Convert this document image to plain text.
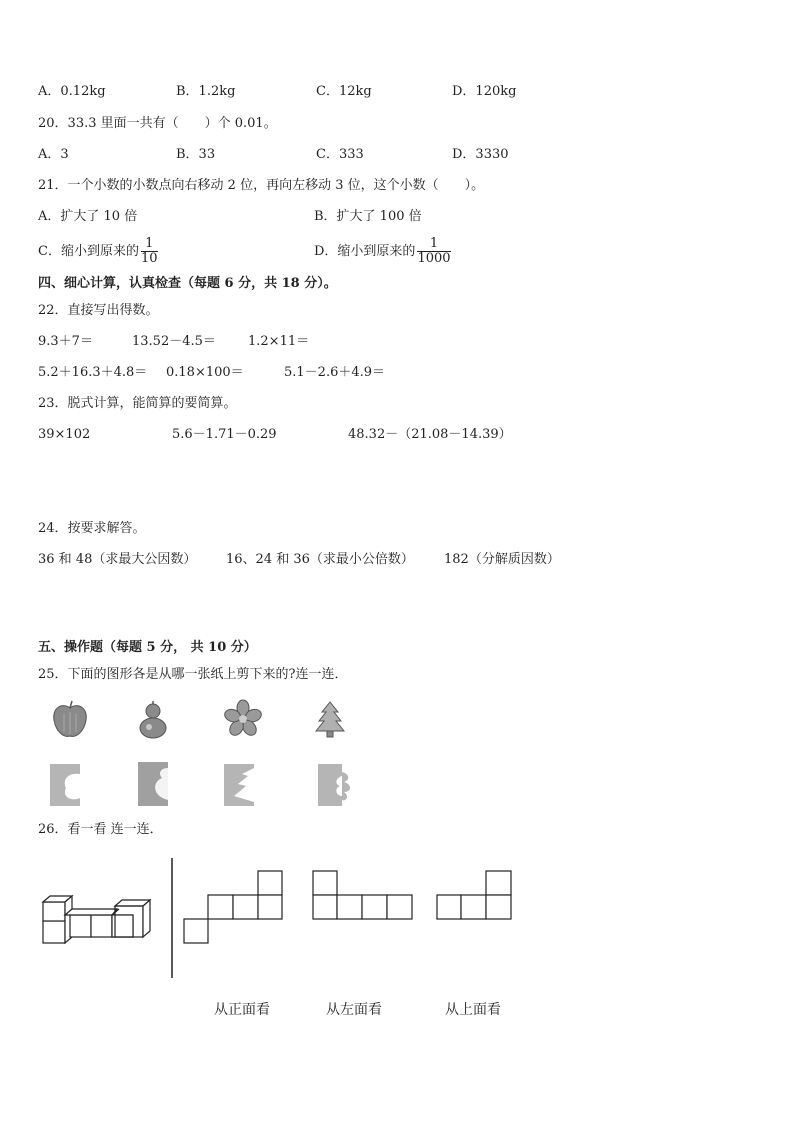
A．0.12kg	B．1.2kg	C．12kg	D．120kg
20．33.3 里面一共有（　　）个 0.01。
A．3	B．33	C．333	D．3330
21．一个小数的小数点向右移动 2 位，再向左移动 3 位，这个小数（　　）。
A．扩大了 10 倍	B．扩大了 100 倍
C．缩小到原来的 $\frac{1}{10}$	D．缩小到原来的 $\frac{1}{1000}$
四、细心计算，认真检查（每题 6 分，共 18 分）。
22．直接写出得数。
9.3＋7＝	13.52－4.5＝ 1.2×11＝
5.2＋16.3＋4.8＝ 0.18×100＝	5.1－2.6＋4.9＝
23．脱式计算，能简算的要简算。
39×102	5.6－1.71－0.29	48.32－（21.08－14.39）
24．按要求解答。
36 和 48（求最大公因数） 16、24 和 36（求最小公倍数） 182（分解质因数）
五、操作题（每题 5 分， 共 10 分）
25．下面的图形各是从哪一张纸上剪下来的?连一连．
26．看一看 连一连．
从正面看	从左面看	从上面看
